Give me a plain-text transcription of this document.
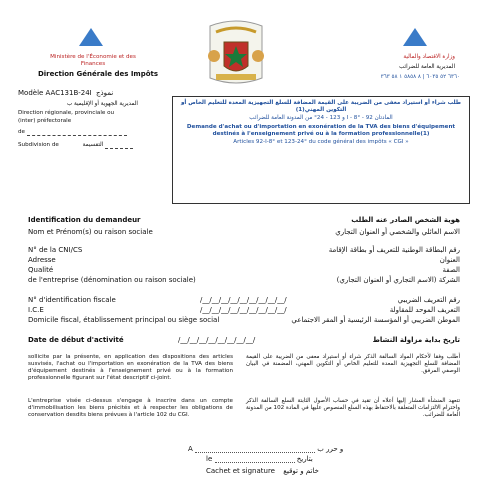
Ministère de l'Économie et des Finances
Direction Générale des Impôts
وزارة الاقتصاد والمالية
المديرية العامة للضرائب
٦٣٦٠ ٥٢ ٦٠٣٥ | ٨ ٥٨٥٨ ١ ٥٨ ٣٦٣
Modèle AAC131B-24I نموذج
المديرية الجهوية أو الإقليمية ب
Direction régionale, provinciale ou
(inter) préfectorale
de
Subdivision de	التقسيمة
طلب شراء أو استيراد معفى من الضريبة على القيمة المضافة للسلع التجهيزية المعدة للتعليم الخاص أو التكوين المهني(1)
المادتان 92 - I - 8° و 123 - 24° من المدونة العامة للضرائب
Demande d'achat ou d'importation en exonération de la TVA des biens d'équipement destinés à l'enseignement privé ou à la formation professionnelle(1)
Articles 92-I-8° et 123-24° du code général des impôts « CGI »
Identification du demandeur	هوية الشخص الصادر عنه الطلب
Nom et Prénom(s) ou raison sociale	الاسم العائلي والشخصي أو العنوان التجاري
N° de la CNI/CS	رقم البطاقة الوطنية للتعريف أو بطاقة الإقامة
Adresse	العنوان
Qualité	الصفة
de l'entreprise (dénomination ou raison sociale)	الشركة (الاسم التجاري أو العنوان التجاري)
N° d'identification fiscale	/__/__/__/__/__/__/__/__/__/	رقم التعريف الضريبي
I.C.E	/__/__/__/__/__/__/__/__/__/	التعريف الموحد للمقاولة
Domicile fiscal, établissement principal ou siège social	الموطن الضريبي أو المؤسسة الرئيسية أو المقر الاجتماعي
Date de début d'activité	/__/__/__/__/__/__/__/__/	تاريخ بداية مزاولة النشاط
sollicite par la présente, en application des dispositions des articles susvisés, l'achat ou l'importation en exonération de la TVA des biens d'équipement destinés à l'enseignement privé ou à la formation professionnelle figurant sur l'état descriptif ci-joint.
L'entreprise visée ci-dessus s'engage à inscrire dans un compte d'immobilisation les biens précités et à respecter les obligations de conservation desdits biens prévues à l'article 102 du CGI.
أطلب وفقا لأحكام المواد السالفة الذكر شراء أو استيراد معفى من الضريبة على القيمة المضافة للسلع التجهيزية المعدة للتعليم الخاص أو التكوين المهني، المضمنة في البيان الوصفي المرفق.
تتعهد المنشأة المشار إليها أعلاه أن تقيد في حساب الأصول الثابتة السلع السالفة الذكر واحترام الالتزامات المتعلقة بالاحتفاظ بهذه السلع المنصوص عليها في المادة 102 من المدونة العامة للضرائب.
A	و حرر ب
le	بتاريخ
Cachet et signature خاتم و توقيع
